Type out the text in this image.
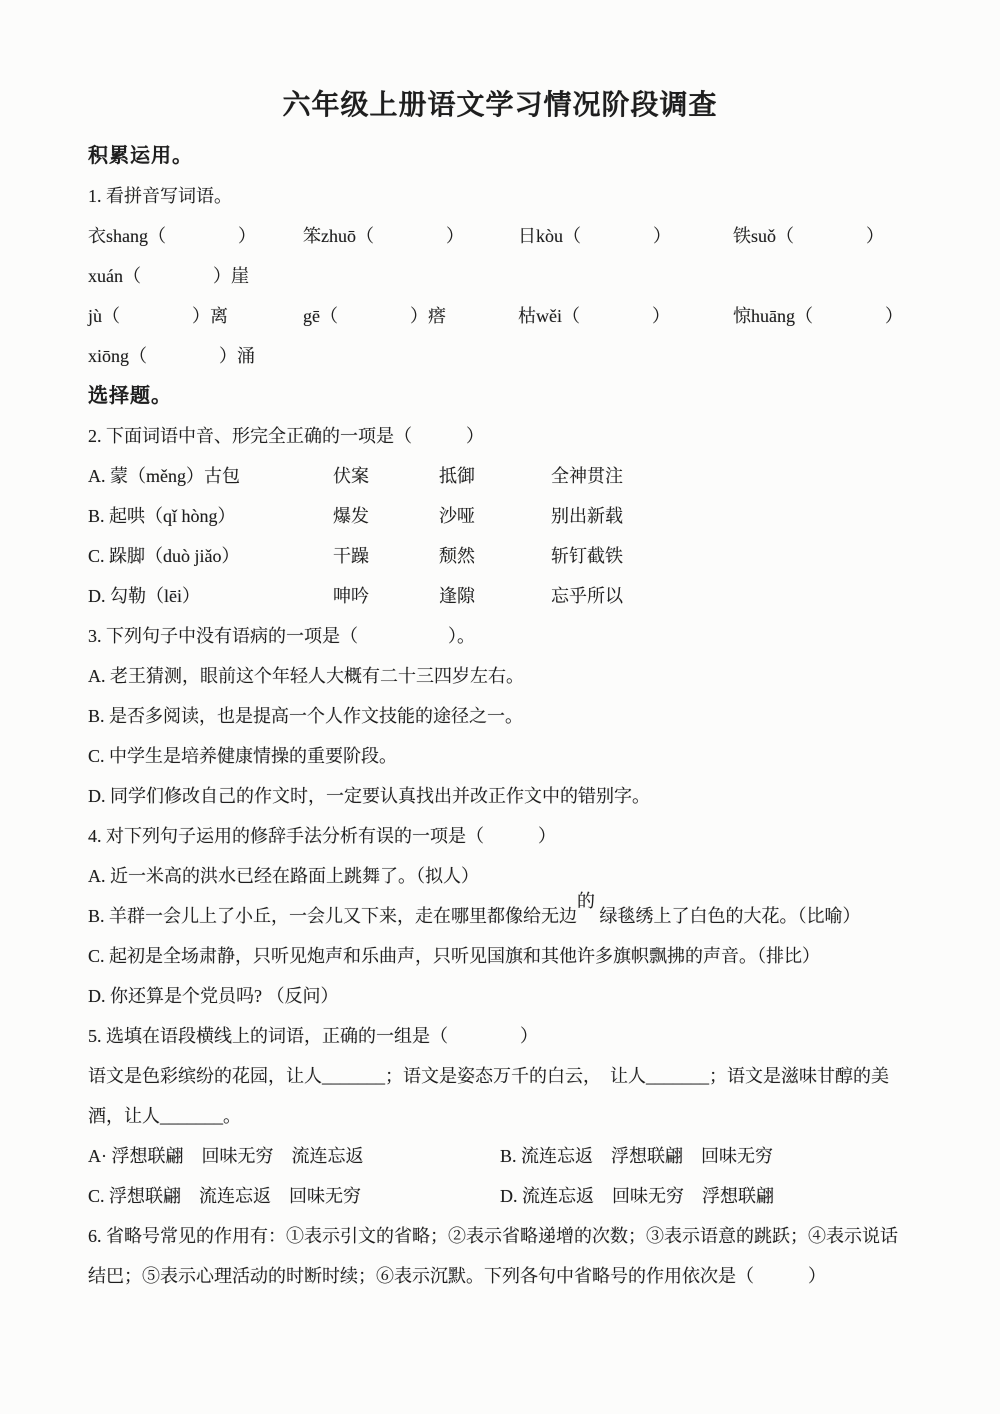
六年级上册语文学习情况阶段调查
积累运用。

1. 看拼音写词语。

衣shang（　　　　）	笨zhuō（　　　　）	日kòu（　　　　）	铁suǒ（　　　　）
xuán（　　　　）崖
jù（　　　　）离	gē（　　　　）瘩	枯wěi（　　　　）	惊huāng（　　　　）
xiōng（　　　　）涌
选择题。

2. 下面词语中音、形完全正确的一项是（　　　）

A. 蒙（měng）古包	伏案	抵御	全神贯注
B. 起哄（qǐ hòng）	爆发	沙哑	别出新载
C. 跺脚（duò jiǎo）	干躁	颓然	斩钉截铁
D. 勾勒（lēi）	呻吟	逢隙	忘乎所以

3. 下列句子中没有语病的一项是（　　　　　）。

A. 老王猜测，眼前这个年轻人大概有二十三四岁左右。

B. 是否多阅读，也是提高一个人作文技能的途径之一。

C. 中学生是培养健康情操的重要阶段。

D. 同学们修改自己的作文时，一定要认真找出并改正作文中的错别字。

4. 对下列句子运用的修辞手法分析有误的一项是（　　　）

A. 近一米高的洪水已经在路面上跳舞了。（拟人）

B. 羊群一会儿上了小丘，一会儿又下来，走在哪里都像给无边的 绿毯绣上了白色的大花。（比喻）

C. 起初是全场肃静，只听见炮声和乐曲声，只听见国旗和其他许多旗帜飘拂的声音。（排比）

D. 你还算是个党员吗? （反问）

5. 选填在语段横线上的词语，正确的一组是（　　　　）

语文是色彩缤纷的花园，让人_______；语文是姿态万千的白云，　让人_______；语文是滋味甘醇的美酒，让人_______。

A· 浮想联翩　回味无穷　流连忘返	B. 流连忘返　浮想联翩　回味无穷
C. 浮想联翩　流连忘返　回味无穷	D. 流连忘返　回味无穷　浮想联翩

6. 省略号常见的作用有：①表示引文的省略；②表示省略递增的次数；③表示语意的跳跃；④表示说话结巴；⑤表示心理活动的时断时续；⑥表示沉默。下列各句中省略号的作用依次是（　　　）
